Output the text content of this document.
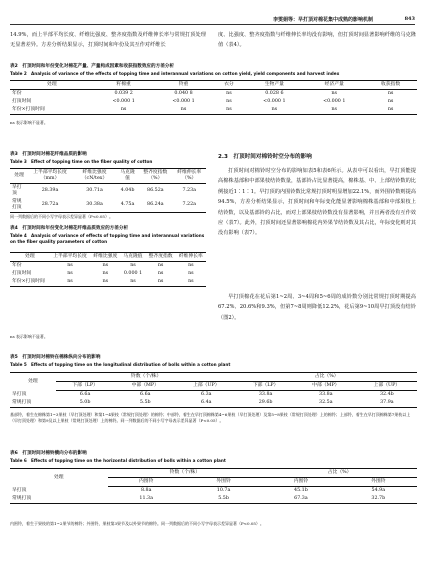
李雯娟等：早打顶对棉花集中成熟的影响机制	843

14.9%，而上半部平均长度、纤维比强度、整齐度指数及纤维伸长率与常规打顶处理无显著差异。方差分析结果显示，打顶时间和年份及其互作对纤维长

度、比强度、整齐度指数与纤维伸长率均没有影响，但打顶时间显著影响纤维的马克隆值（表4）。

表2　打顶时间和年份变化对棉花产量、产量构成因素和收获指数效应的方差分析

Table 2　Analysis of variance of the effects of topping time and interannual variations on cotton yield, yield components and harvest index

处理	籽棉重	铃重	衣分	生物产量	经济产量	收获指数
年份	0.039 2	0.040 8	ns	0.028 6	ns	ns
打顶时间	<0.000 1	<0.000 1	ns	<0.000 1	<0.000 1	ns
年份×打顶时间	ns	ns	ns	ns	ns	ns

ns 表示影响不显著。

表3　打顶时间对棉花纤维品质的影响

Table 3　Effect of topping time on the fiber quality of cotton

处理	上半部平均长度（mm）	纤维比强度（cN/tex）	马克隆值	整齐度指数（%）	纤维伸长率（%）
早打顶	28.39a	30.71a	4.04b	86.52a	7.23a
常规打顶	28.72a	30.38a	4.75a	86.24a	7.22a

同一列数据后的不同小写字母表示差异显著（P<0.05）。

表4　打顶时间和年份变化对棉花纤维品质效应的方差分析

Table 4　Analysis of variance of effects of topping time and interannual variations on the fiber quality parameters of cotton

处理	上半部平均长度	纤维比强度	马克隆值	整齐度指数	纤维伸长率
年份	ns	ns	ns	ns	ns
打顶时间	ns	ns	0.000 1	ns	ns
年份×打顶时间	ns	ns	ns	ns	ns

ns 表示影响不显著。

2.3　打顶时间对棉铃时空分布的影响

打顶时间对棉铃时空分布的影响如表5和表6所示。从表中可以看出，早打顶能提高棉株基部和中部果枝结铃数量，基部铃占比显著提高，棉株基、中、上部结铃数的比例接近1∶1∶1。早打顶的内围铃数比常规打顶时明显增加22.1%，而外围铃数则提高94.5%，方差分析结果显示，打顶时间和年际变化能显著影响棉株基部和中部果枝上结铃数，以及基部铃的占比，而对上部果枝结铃数没有显著影响，并且两者没有互作效应（表7）。此外，打顶时间还显著影响棉花内外果节结铃数及其占比，年际变化则对其没有影响（表7）。

早打顶棉花在花后第1~2周、3~4周和5~6周的成铃数分别比常规打顶时期提高67.2%、20.6%和9.3%，但第7~8周则降低12.2%，花后第9~10周早打顶没有结铃（图2）。

表5　打顶时间对棉铃在棉株纵向分布的影响

Table 5　Effects of topping time on the longitudinal distribution of bolls within a cotton plant

处理	铃数（个/株）			占比（%）		
	下部（LP）	中部（MP）	上部（UP）	下部（LP）	中部（MP）	上部（UP）
早打顶	6.6a	6.6a	6.3a	33.8a	33.8a	32.4b
常规打顶	5.0b	5.5b	6.4a	29.6b	32.5a	37.9a

基部铃，着生在棉株第1~3果枝（早打顶处理）和第1~4果枝（常规打顶处理）的棉铃；中部铃，着生在早打顶棉株第4~6果枝（早打顶处理）及第5~8果枝（常规打顶处理）上的棉铃；上部铃，着生在早打顶棉株第7果枝以上（早打顶处理）和第9及以上果枝（常规打顶处理）上的棉铃。同一列数据后的不同小写字母表示差异显著（P<0.05）。

表6　打顶时间对棉铃横向分布的影响

Table 6　Effects of topping time on the horizontal distribution of bolls within a cotton plant

处理	铃数（个/株）		占比（%）	
	内围铃	外围铃	内围铃	外围铃
早打顶	8.8a	10.7a	45.1b	54.9a
常规打顶	11.3a	5.5b	67.3a	32.7b

内围铃，着生于果枝的第1~2果节的棉铃；外围铃，果枝第3果节及以外果节的棉铃。同一列数据后的不同小写字母表示差异显著（P<0.05）。
